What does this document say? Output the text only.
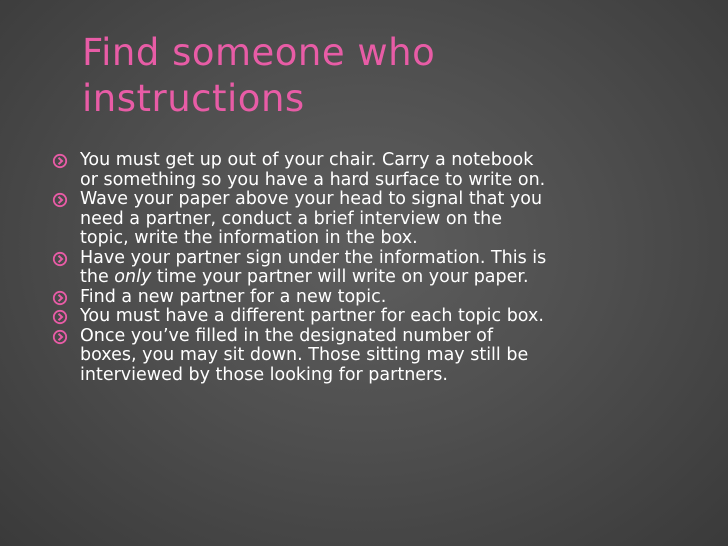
Find someone who
instructions
You must get up out of your chair. Carry a notebook
or something so you have a hard surface to write on.
Wave your paper above your head to signal that you
need a partner, conduct a brief interview on the
topic, write the information in the box.
Have your partner sign under the information. This is
the only time your partner will write on your paper.
Find a new partner for a new topic.
You must have a different partner for each topic box.
Once you’ve filled in the designated number of
boxes, you may sit down. Those sitting may still be
interviewed by those looking for partners.
